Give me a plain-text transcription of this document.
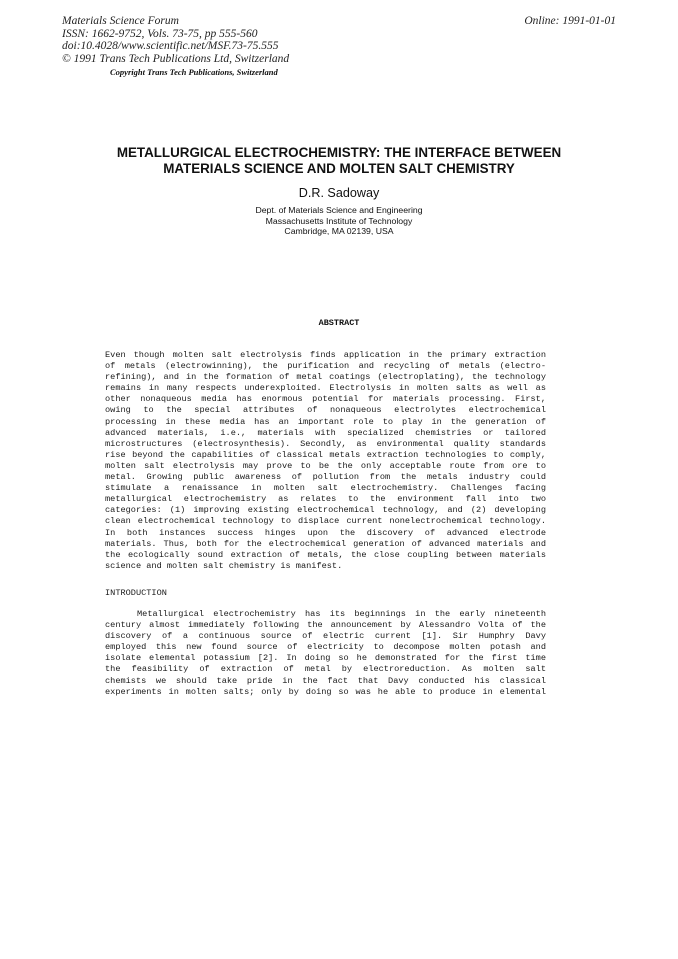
Materials Science Forum
ISSN: 1662-9752, Vols. 73-75, pp 555-560
doi:10.4028/www.scientific.net/MSF.73-75.555
© 1991 Trans Tech Publications Ltd, Switzerland
Online: 1991-01-01
Copyright Trans Tech Publications, Switzerland
METALLURGICAL ELECTROCHEMISTRY: THE INTERFACE BETWEEN
MATERIALS SCIENCE AND MOLTEN SALT CHEMISTRY
D.R. Sadoway
Dept. of Materials Science and Engineering
Massachusetts Institute of Technology
Cambridge, MA 02139, USA
ABSTRACT
Even though molten salt electrolysis finds application in the primary extraction
of metals (electrowinning), the purification and recycling of metals (electro-
refining), and in the formation of metal coatings (electroplating), the technology
remains in many respects underexploited. Electrolysis in molten salts as well as
other nonaqueous media has enormous potential for materials processing. First,
owing to the special attributes of nonaqueous electrolytes electrochemical
processing in these media has an important role to play in the generation of
advanced materials, i.e., materials with specialized chemistries or tailored
microstructures (electrosynthesis). Secondly, as environmental quality standards
rise beyond the capabilities of classical metals extraction technologies to comply,
molten salt electrolysis may prove to be the only acceptable route from ore to
metal. Growing public awareness of pollution from the metals industry could
stimulate a renaissance in molten salt electrochemistry. Challenges facing
metallurgical electrochemistry as relates to the environment fall into two
categories: (1) improving existing electrochemical technology, and (2) developing
clean electrochemical technology to displace current nonelectrochemical technology.
In both instances success hinges upon the discovery of advanced electrode
materials. Thus, both for the electrochemical generation of advanced materials and
the ecologically sound extraction of metals, the close coupling between materials
science and molten salt chemistry is manifest.
INTRODUCTION
Metallurgical electrochemistry has its beginnings in the early nineteenth
century almost immediately following the announcement by Alessandro Volta of the
discovery of a continuous source of electric current [1]. Sir Humphry Davy
employed this new found source of electricity to decompose molten potash and
isolate elemental potassium [2]. In doing so he demonstrated for the first time
the feasibility of extraction of metal by electroreduction. As molten salt
chemists we should take pride in the fact that Davy conducted his classical
experiments in molten salts; only by doing so was he able to produce in elemental
